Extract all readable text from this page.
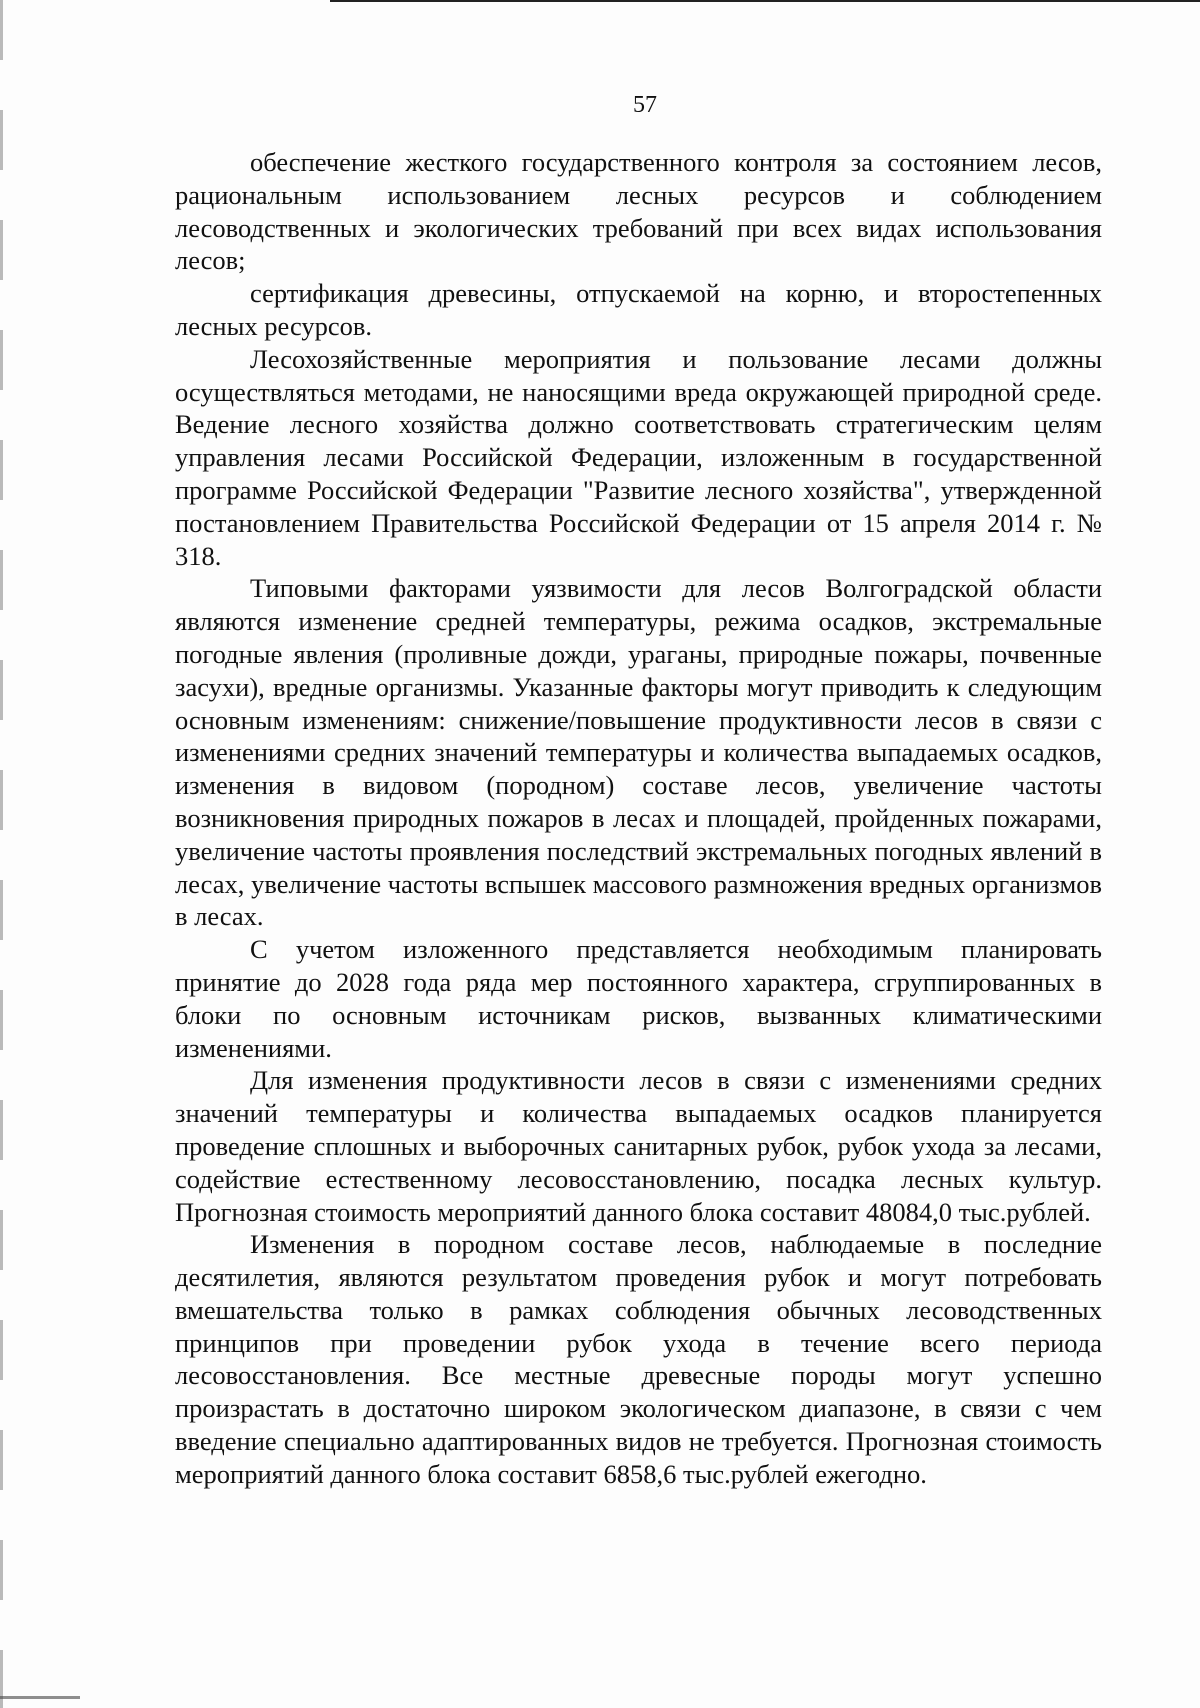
57

обеспечение жесткого государственного контроля за состоянием лесов, рациональным использованием лесных ресурсов и соблюдением лесоводственных и экологических требований при всех видах использования лесов;

сертификация древесины, отпускаемой на корню, и второстепенных лесных ресурсов.

Лесохозяйственные мероприятия и пользование лесами должны осуществляться методами, не наносящими вреда окружающей природной среде. Ведение лесного хозяйства должно соответствовать стратегическим целям управления лесами Российской Федерации, изложенным в государственной программе Российской Федерации "Развитие лесного хозяйства", утвержденной постановлением Правительства Российской Федерации от 15 апреля 2014 г. № 318.

Типовыми факторами уязвимости для лесов Волгоградской области являются изменение средней температуры, режима осадков, экстремальные погодные явления (проливные дожди, ураганы, природные пожары, почвенные засухи), вредные организмы. Указанные факторы могут приводить к следующим основным изменениям: снижение/повышение продуктивности лесов в связи с изменениями средних значений температуры и количества выпадаемых осадков, изменения в видовом (породном) составе лесов, увеличение частоты возникновения природных пожаров в лесах и площадей, пройденных пожарами, увеличение частоты проявления последствий экстремальных погодных явлений в лесах, увеличение частоты вспышек массового размножения вредных организмов в лесах.

С учетом изложенного представляется необходимым планировать принятие до 2028 года ряда мер постоянного характера, сгруппированных в блоки по основным источникам рисков, вызванных климатическими изменениями.

Для изменения продуктивности лесов в связи с изменениями средних значений температуры и количества выпадаемых осадков планируется проведение сплошных и выборочных санитарных рубок, рубок ухода за лесами, содействие естественному лесовосстановлению, посадка лесных культур. Прогнозная стоимость мероприятий данного блока составит 48084,0 тыс.рублей.

Изменения в породном составе лесов, наблюдаемые в последние десятилетия, являются результатом проведения рубок и могут потребовать вмешательства только в рамках соблюдения обычных лесоводственных принципов при проведении рубок ухода в течение всего периода лесовосстановления. Все местные древесные породы могут успешно произрастать в достаточно широком экологическом диапазоне, в связи с чем введение специально адаптированных видов не требуется. Прогнозная стоимость мероприятий данного блока составит 6858,6 тыс.рублей ежегодно.
